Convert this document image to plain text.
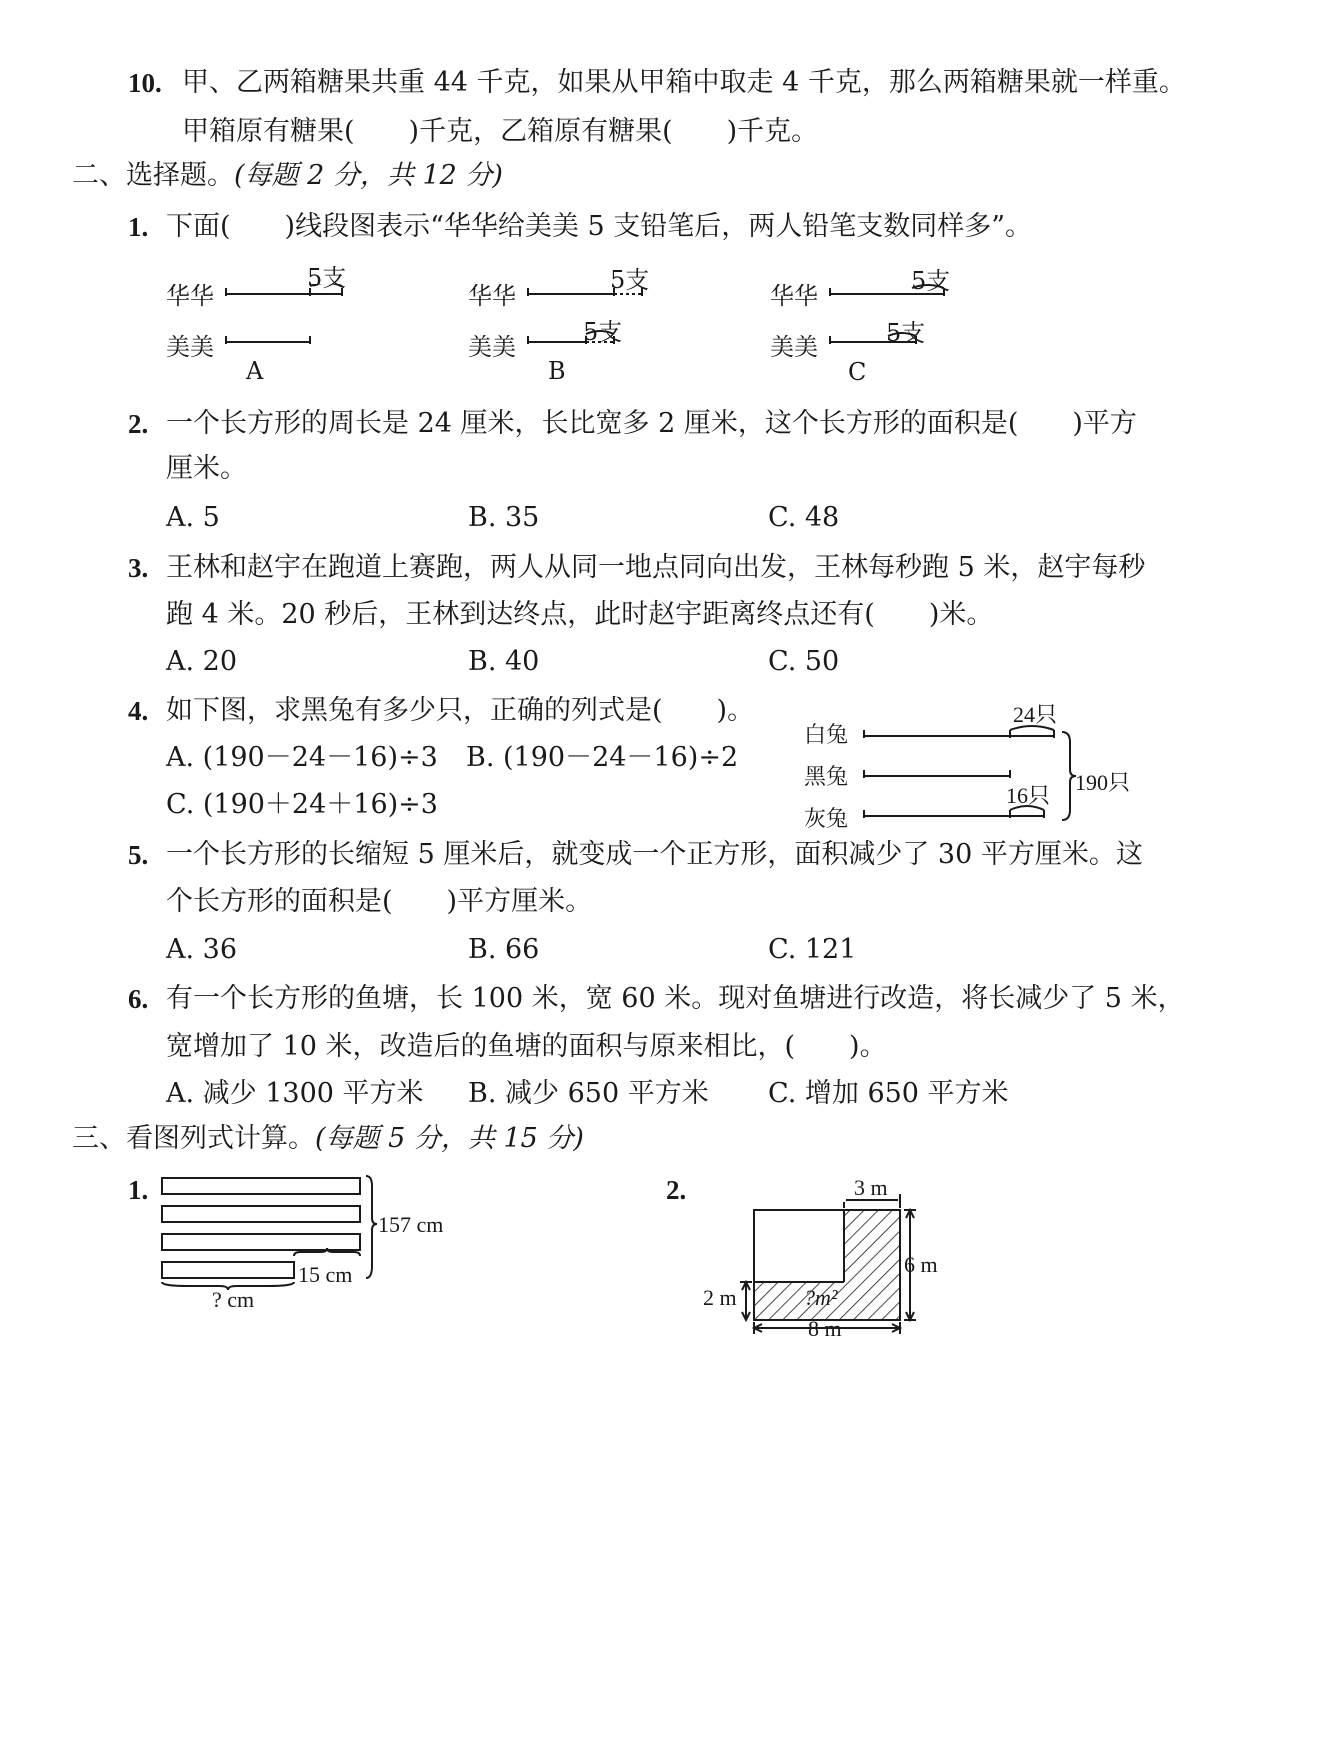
10. 甲、乙两箱糖果共重 44 千克，如果从甲箱中取走 4 千克，那么两箱糖果就一样重。
甲箱原有糖果(　　)千克，乙箱原有糖果(　　)千克。
二、选择题。(每题 2 分，共 12 分)
1. 下面(　　)线段图表示“华华给美美 5 支铅笔后，两人铅笔支数同样多”。
华华
美美
5支
A
华华
美美
5支
5支
B
华华
美美
5支
5支
C
2. 一个长方形的周长是 24 厘米，长比宽多 2 厘米，这个长方形的面积是(　　)平方
厘米。
A. 5	B. 35	C. 48
3. 王林和赵宇在跑道上赛跑，两人从同一地点同向出发，王林每秒跑 5 米，赵宇每秒
跑 4 米。20 秒后，王林到达终点，此时赵宇距离终点还有(　　)米。
A. 20	B. 40	C. 50
4. 如下图，求黑兔有多少只，正确的列式是(　　)。
A. (190－24－16)÷3 B. (190－24－16)÷2
C. (190＋24＋16)÷3
白兔
黑兔
灰兔
24只
16只
190只
5. 一个长方形的长缩短 5 厘米后，就变成一个正方形，面积减少了 30 平方厘米。这
个长方形的面积是(　　)平方厘米。
A. 36	B. 66	C. 121
6. 有一个长方形的鱼塘，长 100 米，宽 60 米。现对鱼塘进行改造，将长减少了 5 米，
宽增加了 10 米，改造后的鱼塘的面积与原来相比，(　　)。
A. 减少 1300 平方米 B. 减少 650 平方米 C. 增加 650 平方米
三、看图列式计算。(每题 5 分，共 15 分)
1.
157 cm
15 cm
? cm
2.	3 m
6 m
2 m
8 m
?m²
